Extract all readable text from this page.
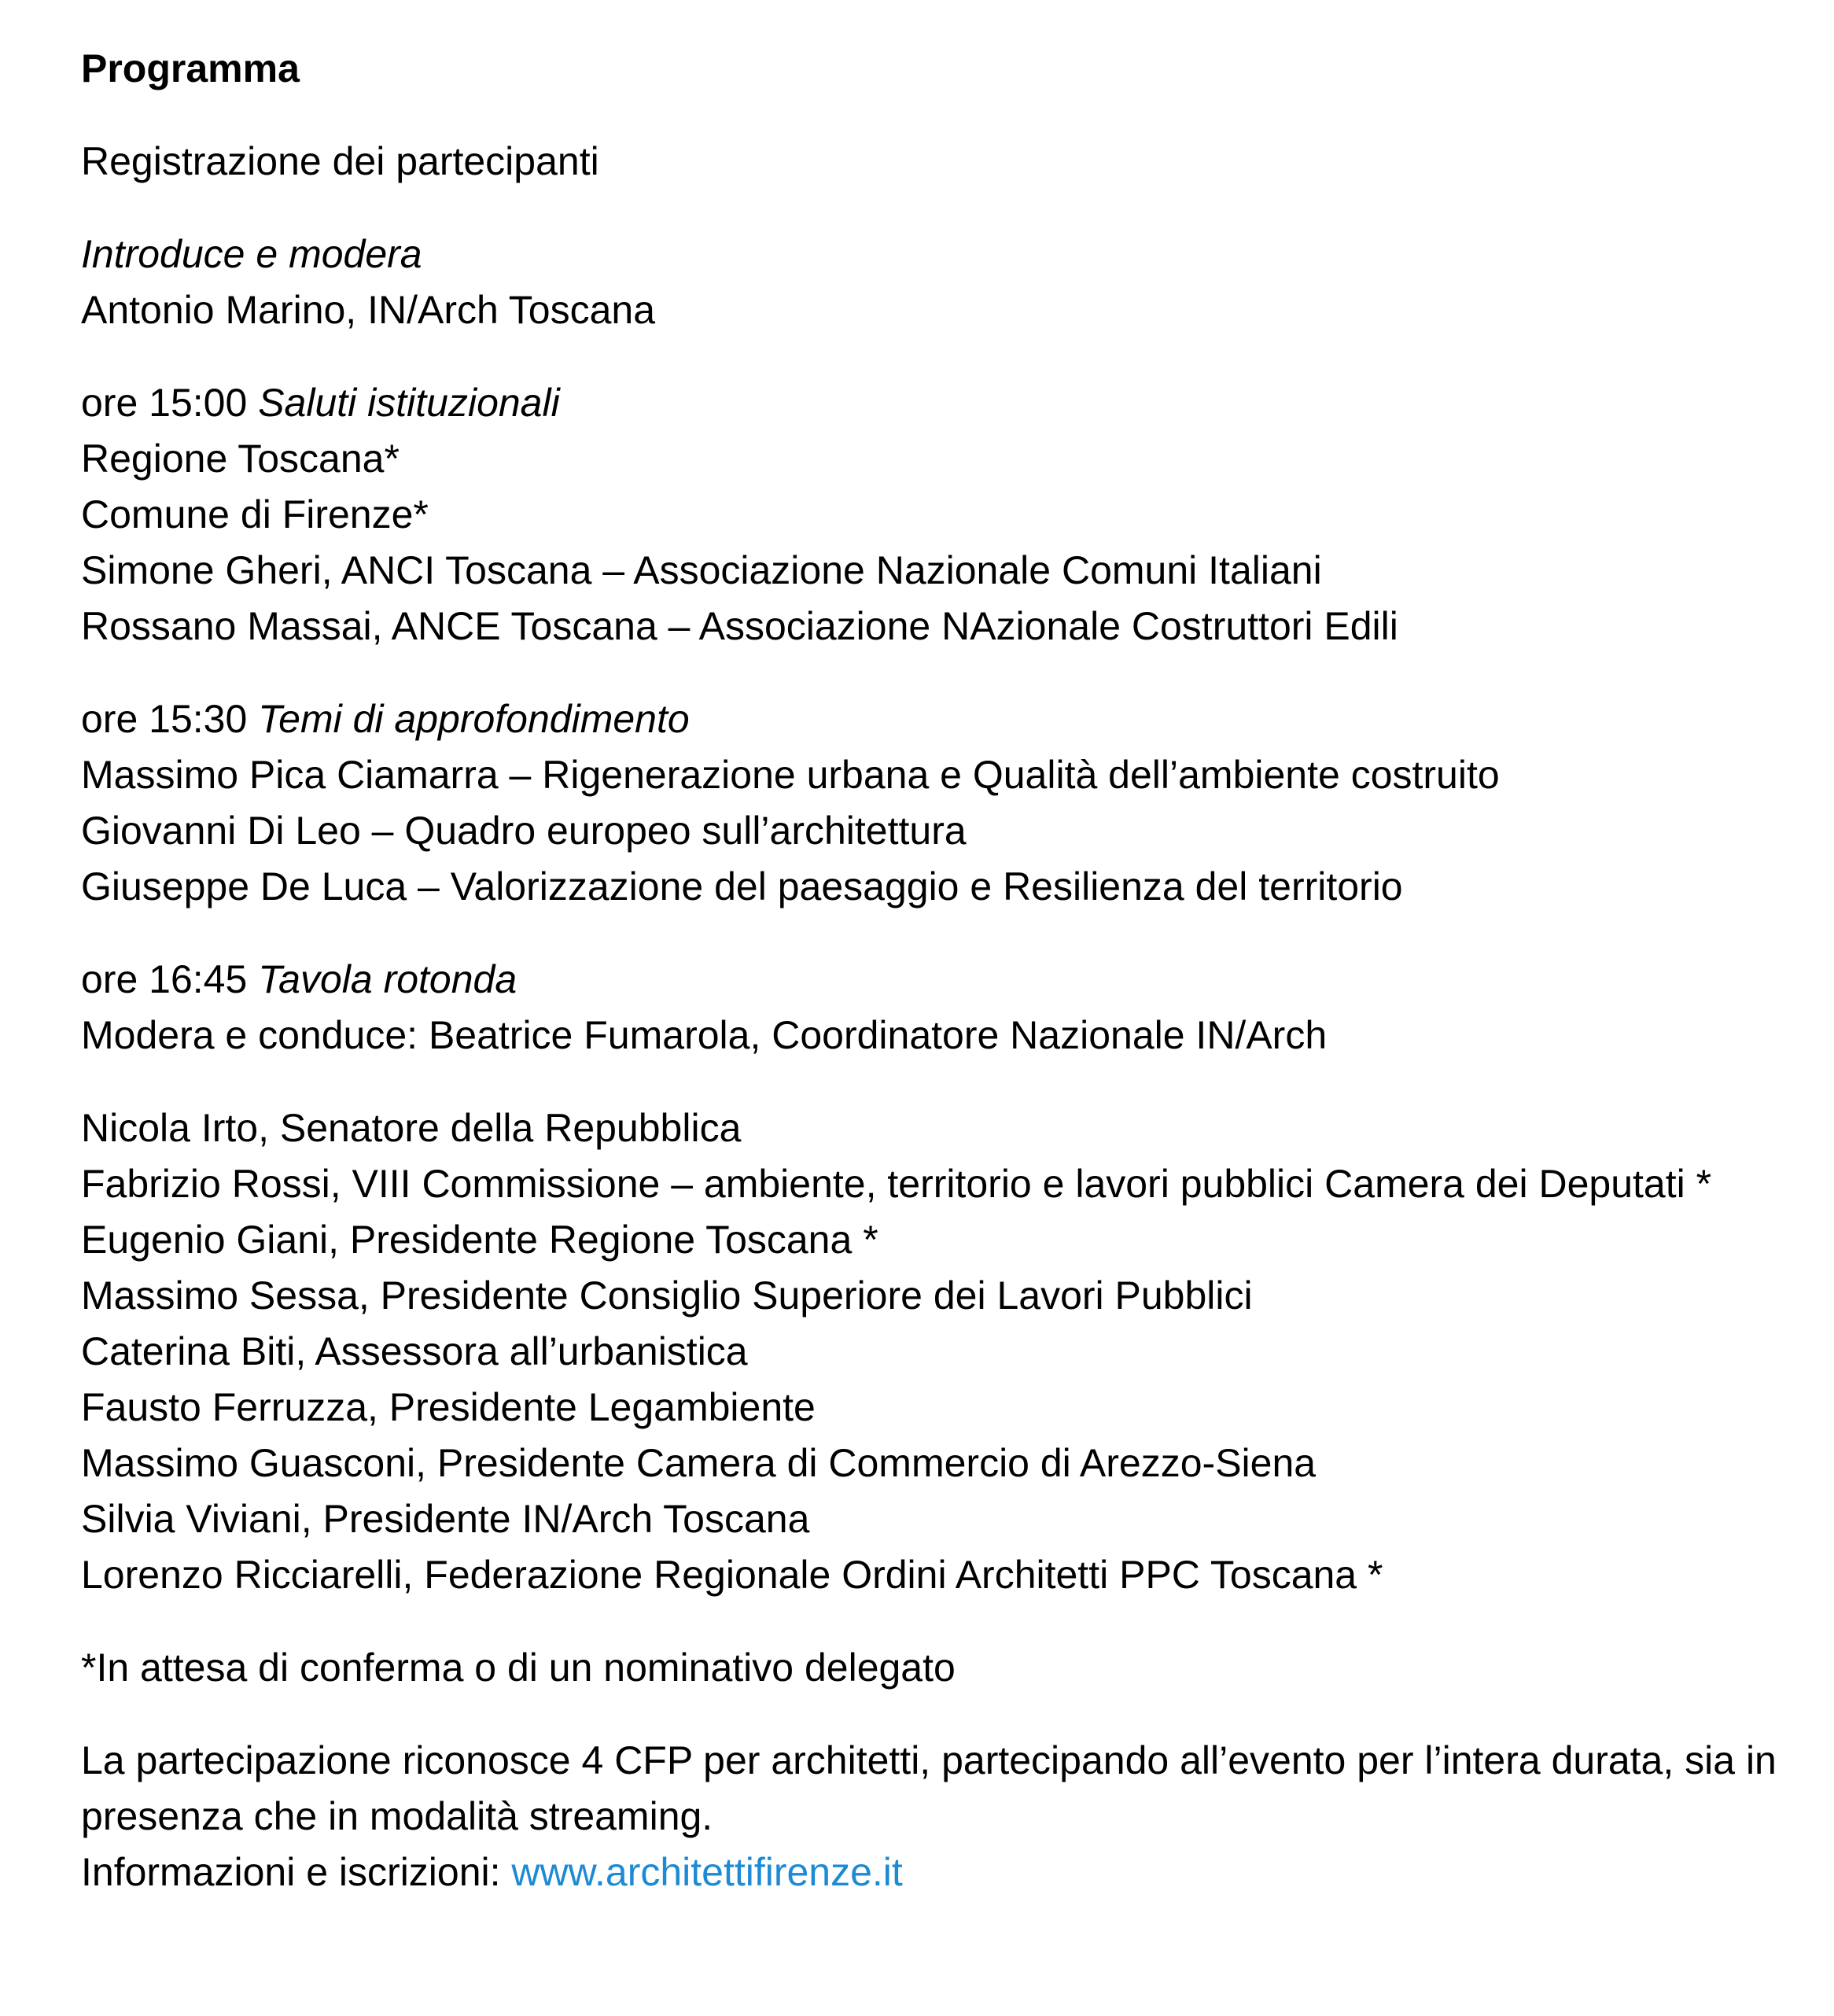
Programma

Registrazione dei partecipanti

Introduce e modera
Antonio Marino, IN/Arch Toscana
ore 15:00 Saluti istituzionali
Regione Toscana*
Comune di Firenze*
Simone Gheri, ANCI Toscana – Associazione Nazionale Comuni Italiani
Rossano Massai, ANCE Toscana – Associazione NAzionale Costruttori Edili
ore 15:30 Temi di approfondimento
Massimo Pica Ciamarra – Rigenerazione urbana e Qualità dell’ambiente costruito
Giovanni Di Leo – Quadro europeo sull’architettura
Giuseppe De Luca – Valorizzazione del paesaggio e Resilienza del territorio
ore 16:45 Tavola rotonda
Modera e conduce: Beatrice Fumarola, Coordinatore Nazionale IN/Arch
Nicola Irto, Senatore della Repubblica
Fabrizio Rossi, VIII Commissione – ambiente, territorio e lavori pubblici Camera dei Deputati *
Eugenio Giani, Presidente Regione Toscana *
Massimo Sessa, Presidente Consiglio Superiore dei Lavori Pubblici
Caterina Biti, Assessora all’urbanistica
Fausto Ferruzza, Presidente Legambiente
Massimo Guasconi, Presidente Camera di Commercio di Arezzo-Siena
Silvia Viviani, Presidente IN/Arch Toscana
Lorenzo Ricciarelli, Federazione Regionale Ordini Architetti PPC Toscana *

*In attesa di conferma o di un nominativo delegato

La partecipazione riconosce 4 CFP per architetti, partecipando all’evento per l’intera durata, sia in presenza che in modalità streaming.
Informazioni e iscrizioni: www.architettifirenze.it
